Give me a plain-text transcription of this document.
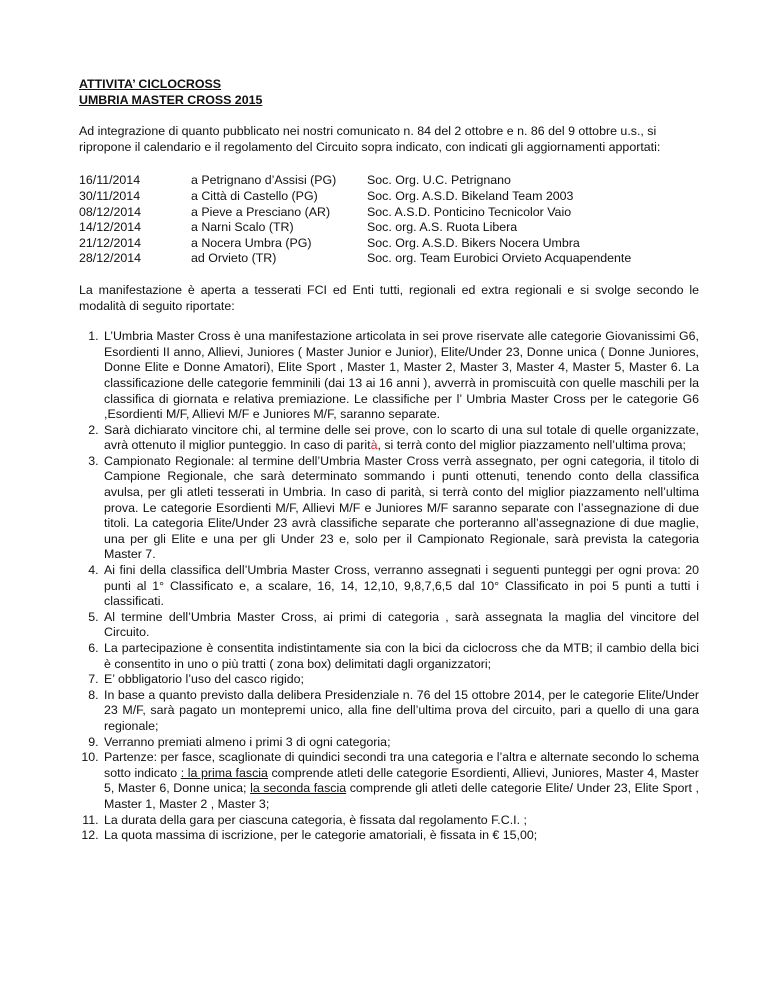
ATTIVITA’ CICLOCROSS
UMBRIA MASTER CROSS 2015
Ad integrazione di quanto pubblicato nei nostri comunicato n. 84 del 2 ottobre e n. 86 del 9 ottobre u.s., si ripropone il calendario e il regolamento del Circuito sopra indicato, con indicati gli aggiornamenti apportati:
16/11/2014	a Petrignano d’Assisi (PG)	Soc. Org. U.C. Petrignano
30/11/2014	a Città di Castello (PG)	Soc. Org. A.S.D. Bikeland Team 2003
08/12/2014	a Pieve a Presciano (AR)	Soc. A.S.D. Ponticino Tecnicolor Vaio
14/12/2014	a Narni Scalo (TR)	Soc. org. A.S. Ruota Libera
21/12/2014	a Nocera Umbra (PG)	Soc. Org. A.S.D. Bikers Nocera Umbra
28/12/2014	ad Orvieto (TR)	Soc. org. Team Eurobici Orvieto Acquapendente
La manifestazione è aperta a tesserati FCI ed Enti tutti, regionali ed extra regionali e si svolge secondo le modalità di seguito riportate:
1. L’Umbria Master Cross è una manifestazione articolata in sei prove riservate alle categorie Giovanissimi G6, Esordienti II anno, Allievi, Juniores ( Master Junior e Junior), Elite/Under 23, Donne unica ( Donne Juniores, Donne Elite e Donne Amatori), Elite Sport , Master 1, Master 2, Master 3, Master 4, Master 5, Master 6. La classificazione delle categorie femminili (dai 13 ai 16 anni ), avverrà in promiscuità con quelle maschili per la classifica di giornata e relativa premiazione. Le classifiche per l’ Umbria Master Cross per le categorie G6 ,Esordienti M/F, Allievi M/F e Juniores M/F, saranno separate.
2. Sarà dichiarato vincitore chi, al termine delle sei prove, con lo scarto di una sul totale di quelle organizzate, avrà ottenuto il miglior punteggio. In caso di parità, si terrà conto del miglior piazzamento nell’ultima prova;
3. Campionato Regionale: al termine dell’Umbria Master Cross verrà assegnato, per ogni categoria, il titolo di Campione Regionale, che sarà determinato sommando i punti ottenuti, tenendo conto della classifica avulsa, per gli atleti tesserati in Umbria. In caso di parità, si terrà conto del miglior piazzamento nell’ultima prova. Le categorie Esordienti M/F, Allievi M/F e Juniores M/F saranno separate con l’assegnazione di due titoli. La categoria Elite/Under 23 avrà classifiche separate che porteranno all’assegnazione di due maglie, una per gli Elite e una per gli Under 23 e, solo per il Campionato Regionale, sarà prevista la categoria Master 7.
4. Ai fini della classifica dell’Umbria Master Cross, verranno assegnati i seguenti punteggi per ogni prova: 20 punti al 1° Classificato e, a scalare, 16, 14, 12,10, 9,8,7,6,5 dal 10° Classificato in poi 5 punti a tutti i classificati.
5. Al termine dell’Umbria Master Cross, ai primi di categoria , sarà assegnata la maglia del vincitore del Circuito.
6. La partecipazione è consentita indistintamente sia con la bici da ciclocross che da MTB; il cambio della bici è consentito in uno o più tratti ( zona box) delimitati dagli organizzatori;
7. E’ obbligatorio l’uso del casco rigido;
8. In base a quanto previsto dalla delibera Presidenziale n. 76 del 15 ottobre 2014, per le categorie Elite/Under 23 M/F, sarà pagato un montepremi unico, alla fine dell’ultima prova del circuito, pari a quello di una gara regionale;
9. Verranno premiati almeno i primi 3 di ogni categoria;
10. Partenze: per fasce, scaglionate di quindici secondi tra una categoria e l’altra e alternate secondo lo schema sotto indicato : la prima fascia comprende atleti delle categorie Esordienti, Allievi, Juniores, Master 4, Master 5, Master 6, Donne unica; la seconda fascia comprende gli atleti delle categorie Elite/ Under 23, Elite Sport , Master 1, Master 2 , Master 3;
11. La durata della gara per ciascuna categoria, è fissata dal regolamento F.C.I. ;
12. La quota massima di iscrizione, per le categorie amatoriali, è fissata in € 15,00;
